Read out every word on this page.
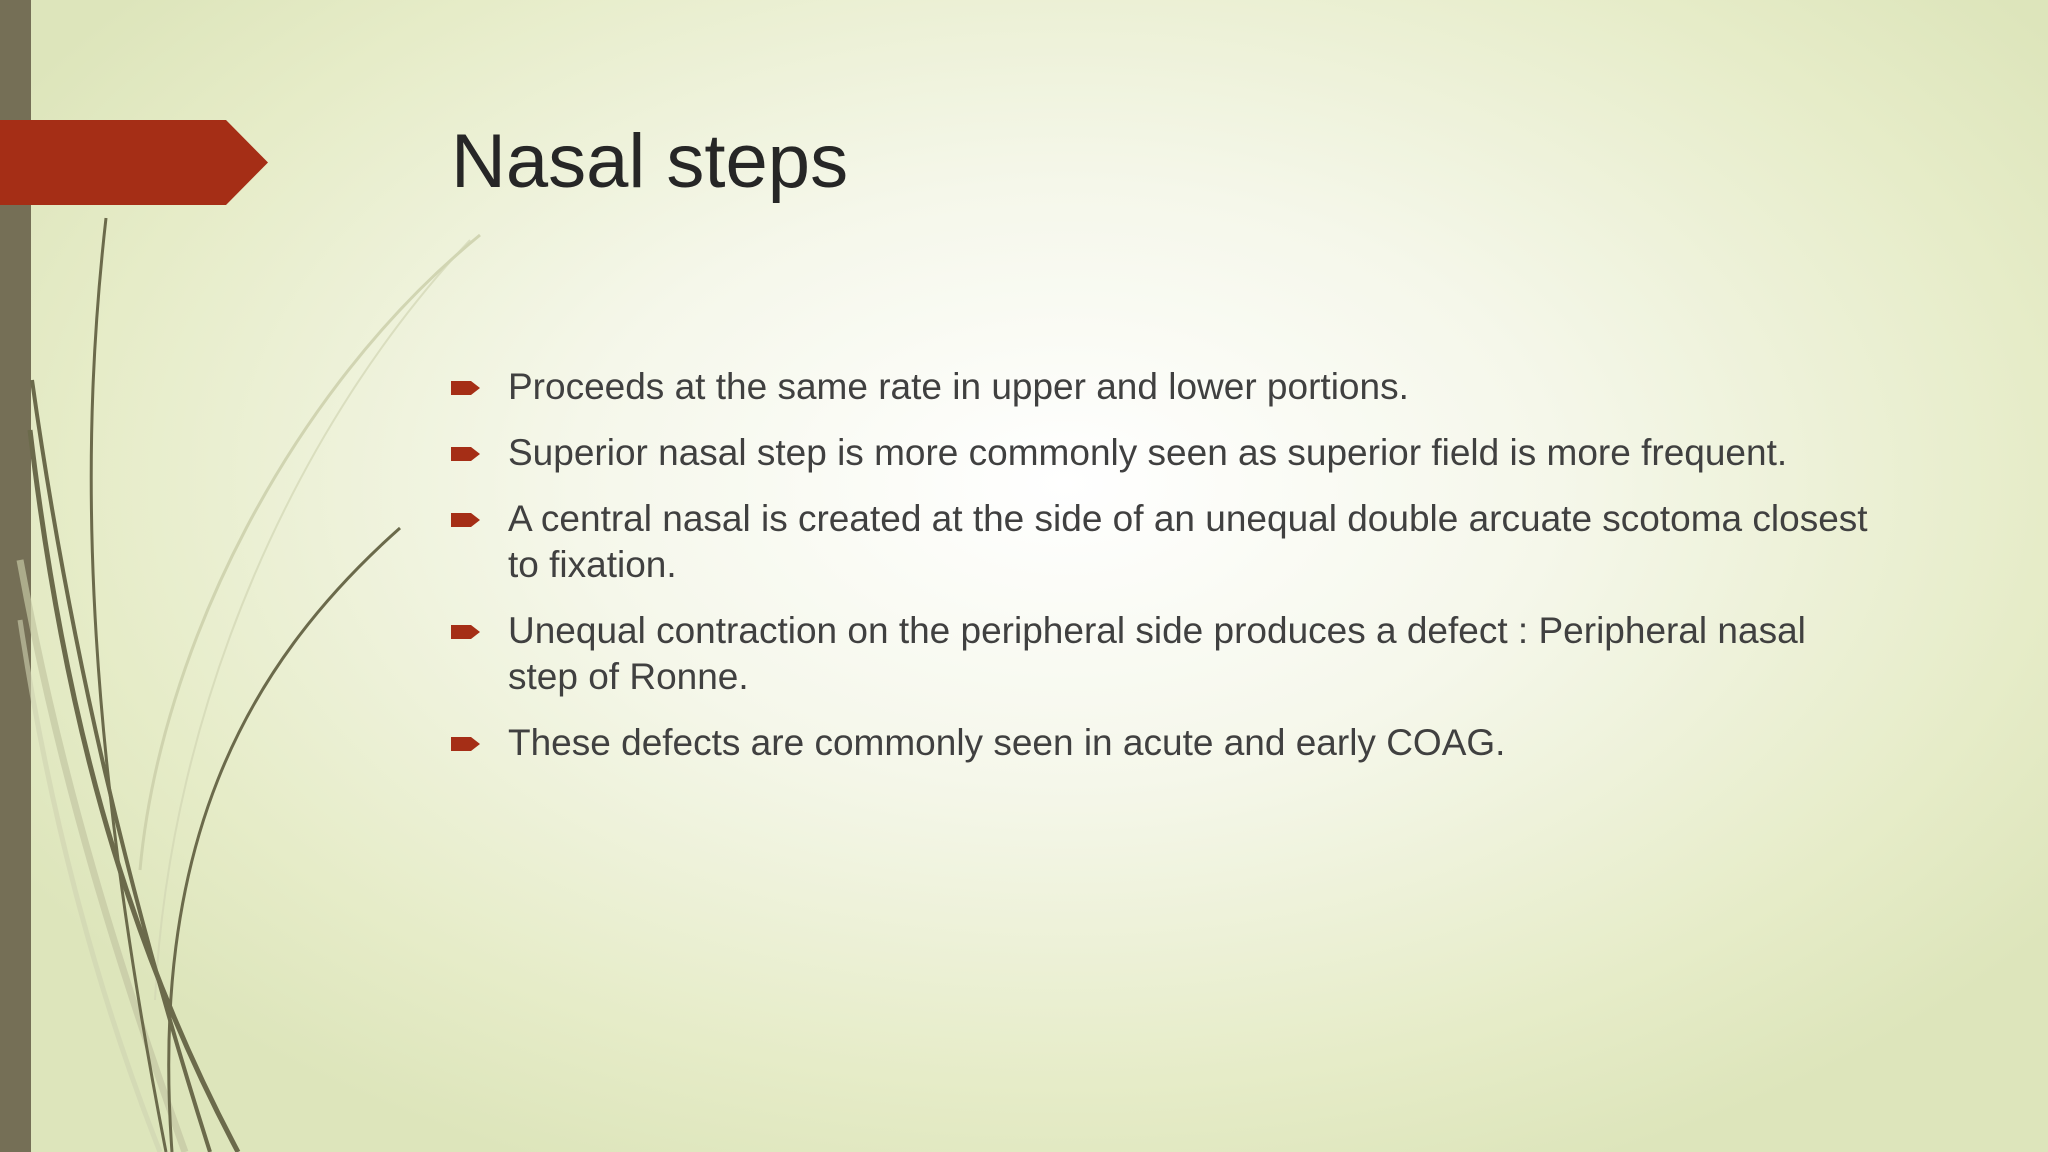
Nasal steps
Proceeds at the same rate in upper and lower portions.
Superior nasal step is more commonly seen as superior field is more frequent.
A central nasal is created at the side of an unequal double arcuate scotoma closest to fixation.
Unequal contraction on the peripheral side produces a defect : Peripheral nasal step of Ronne.
These defects are commonly seen in acute and early COAG.
